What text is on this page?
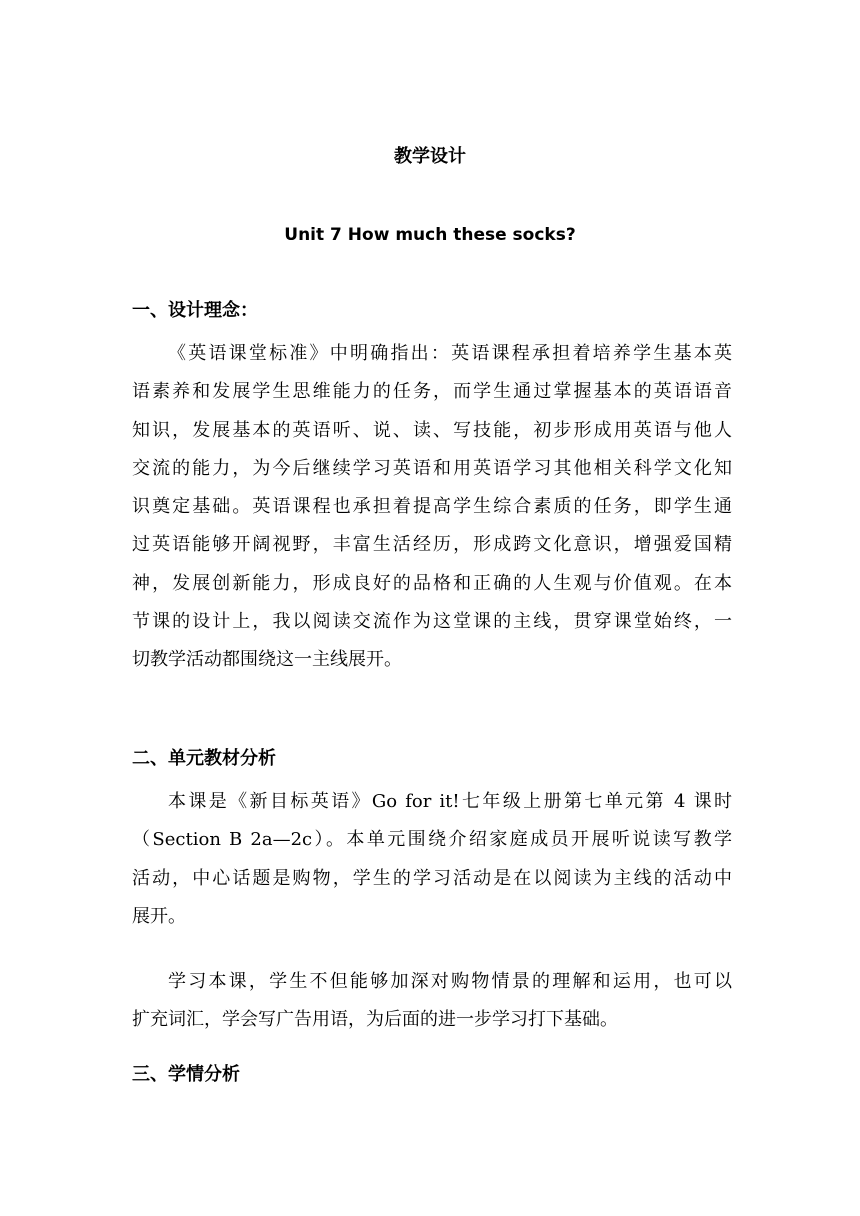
教学设计
Unit 7 How much these socks?
一、设计理念：
《英语课堂标准》中明确指出：英语课程承担着培养学生基本英
语素养和发展学生思维能力的任务，而学生通过掌握基本的英语语音
知识，发展基本的英语听、说、读、写技能，初步形成用英语与他人
交流的能力，为今后继续学习英语和用英语学习其他相关科学文化知
识奠定基础。英语课程也承担着提高学生综合素质的任务，即学生通
过英语能够开阔视野，丰富生活经历，形成跨文化意识，增强爱国精
神，发展创新能力，形成良好的品格和正确的人生观与价值观。在本
节课的设计上，我以阅读交流作为这堂课的主线，贯穿课堂始终，一
切教学活动都围绕这一主线展开。
二、单元教材分析
本课是《新目标英语》Go for it!七年级上册第七单元第 4 课时
（Section B 2a—2c）。本单元围绕介绍家庭成员开展听说读写教学
活动，中心话题是购物，学生的学习活动是在以阅读为主线的活动中
展开。
学习本课，学生不但能够加深对购物情景的理解和运用，也可以
扩充词汇，学会写广告用语，为后面的进一步学习打下基础。
三、学情分析
